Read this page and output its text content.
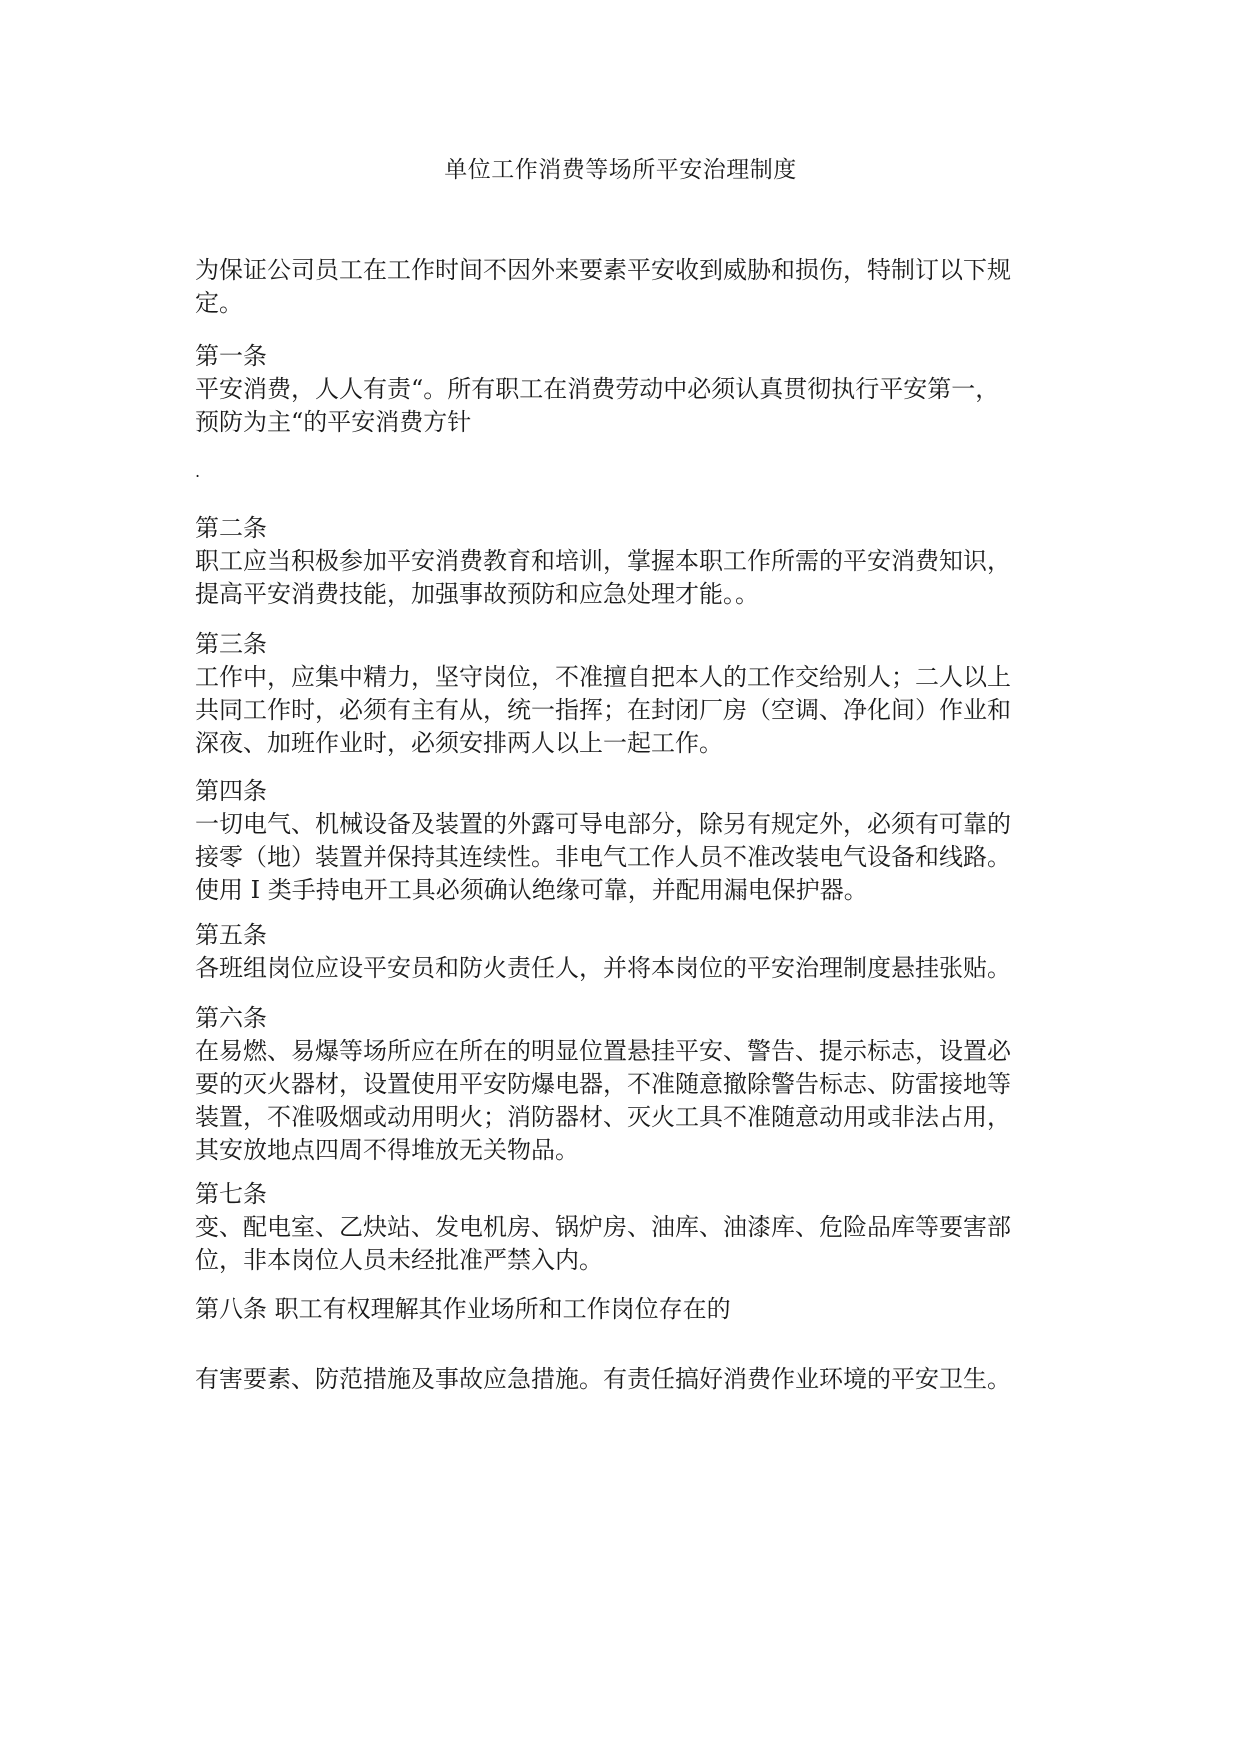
单位工作消费等场所平安治理制度

为保证公司员工在工作时间不因外来要素平安收到威胁和损伤，特制订以下规
定。

第一条
平安消费，人人有责“。所有职工在消费劳动中必须认真贯彻执行平安第一，
预防为主“的平安消费方针

.

第二条
职工应当积极参加平安消费教育和培训，掌握本职工作所需的平安消费知识，
提高平安消费技能，加强事故预防和应急处理才能。。

第三条
工作中，应集中精力，坚守岗位，不准擅自把本人的工作交给别人；二人以上
共同工作时，必须有主有从，统一指挥；在封闭厂房（空调、净化间）作业和
深夜、加班作业时，必须安排两人以上一起工作。

第四条
一切电气、机械设备及装置的外露可导电部分，除另有规定外，必须有可靠的
接零（地）装置并保持其连续性。非电气工作人员不准改装电气设备和线路。
使用 I 类手持电开工具必须确认绝缘可靠，并配用漏电保护器。

第五条
各班组岗位应设平安员和防火责任人，并将本岗位的平安治理制度悬挂张贴。

第六条
在易燃、易爆等场所应在所在的明显位置悬挂平安、警告、提示标志，设置必
要的灭火器材，设置使用平安防爆电器，不准随意撤除警告标志、防雷接地等
装置，不准吸烟或动用明火；消防器材、灭火工具不准随意动用或非法占用，
其安放地点四周不得堆放无关物品。

第七条
变、配电室、乙炔站、发电机房、锅炉房、油库、油漆库、危险品库等要害部
位，非本岗位人员未经批准严禁入内。

第八条 职工有权理解其作业场所和工作岗位存在的
有害要素、防范措施及事故应急措施。有责任搞好消费作业环境的平安卫生。
